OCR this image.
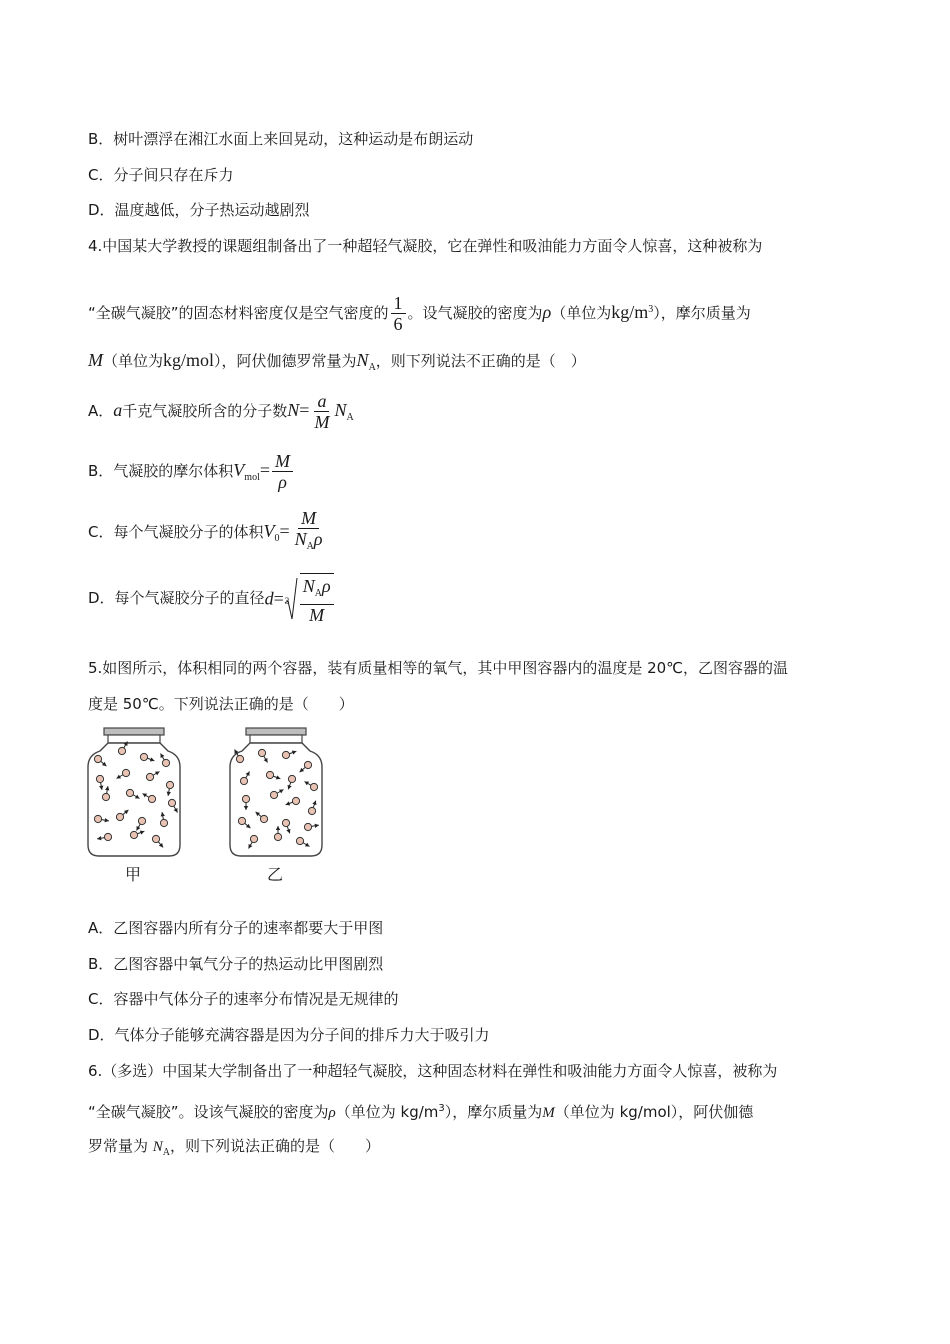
B．树叶漂浮在湘江水面上来回晃动，这种运动是布朗运动
C．分子间只存在斥力
D．温度越低，分子热运动越剧烈
4.中国某大学教授的课题组制备出了一种超轻气凝胶，它在弹性和吸油能力方面令人惊喜，这种被称为
“全碳气凝胶”的固态材料密度仅是空气密度的 $\frac{1}{6}$ 。设气凝胶的密度为ρ（单位为$kg/m^3$），摩尔质量为
M（单位为kg/mol），阿伏伽德罗常量为$N_A$，则下列说法不正确的是（　）
A．a千克气凝胶所含的分子数$N= \frac{a}{M} N_A$
B．气凝胶的摩尔体积$V_{mol}= \frac{M}{\rho}$
C．每个气凝胶分子的体积$V_0= \frac{M}{N_A\rho}$
D．每个气凝胶分子的直径$d= 3 \frac{N_A\rho}{M}$
5.如图所示，体积相同的两个容器，装有质量相等的氧气，其中甲图容器内的温度是 20℃，乙图容器的温
度是 50℃。下列说法正确的是（　　）
甲	乙
A．乙图容器内所有分子的速率都要大于甲图
B．乙图容器中氧气分子的热运动比甲图剧烈
C．容器中气体分子的速率分布情况是无规律的
D．气体分子能够充满容器是因为分子间的排斥力大于吸引力
6.（多选）中国某大学制备出了一种超轻气凝胶，这种固态材料在弹性和吸油能力方面令人惊喜，被称为
“全碳气凝胶”。设该气凝胶的密度为ρ（单位为 $kg/m^3$），摩尔质量为M（单位为 kg/mol），阿伏伽德
罗常量为 $N_A$，则下列说法正确的是（　　）
